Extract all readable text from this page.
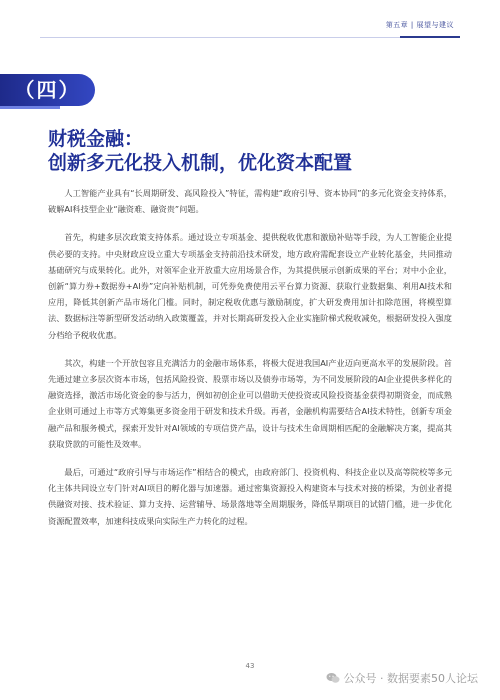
第五章 | 展望与建议
（四）
财税金融：
创新多元化投入机制，优化资本配置

人工智能产业具有“长周期研发、高风险投入”特征，需构建“政府引导、资本协同”的多元化资金支持体系，破解AI科技型企业“融资难、融资贵”问题。

首先，构建多层次政策支持体系。通过设立专项基金、提供税收优惠和激励补贴等手段，为人工智能企业提供必要的支持。中央财政应设立重大专项基金支持前沿技术研发，地方政府需配套设立产业转化基金，共同推动基础研究与成果转化。此外，对领军企业开放重大应用场景合作，为其提供展示创新成果的平台；对中小企业，创新“算力券+数据券+AI券”定向补贴机制，可凭券免费使用云平台算力资源、获取行业数据集、利用AI技术和应用，降低其创新产品市场化门槛。同时，制定税收优惠与激励制度，扩大研发费用加计扣除范围，将模型算法、数据标注等新型研发活动纳入政策覆盖，并对长期高研发投入企业实施阶梯式税收减免，根据研发投入强度分档给予税收优惠。

其次，构建一个开放包容且充满活力的金融市场体系，将极大促进我国AI产业迈向更高水平的发展阶段。首先通过建立多层次资本市场，包括风险投资、股票市场以及债券市场等，为不同发展阶段的AI企业提供多样化的融资选择，激活市场化资金的参与活力，例如初创企业可以借助天使投资或风险投资基金获得初期资金，而成熟企业则可通过上市等方式筹集更多资金用于研发和技术升级。再者，金融机构需要结合AI技术特性，创新专项金融产品和服务模式，探索开发针对AI领域的专项信贷产品，设计与技术生命周期相匹配的金融解决方案，提高其获取贷款的可能性及效率。

最后，可通过“政府引导与市场运作”相结合的模式，由政府部门、投资机构、科技企业以及高等院校等多元化主体共同设立专门针对AI项目的孵化器与加速器。通过密集资源投入构建资本与技术对接的桥梁，为创业者提供融资对接、技术验证、算力支持、运营辅导、场景落地等全周期服务，降低早期项目的试错门槛，进一步优化资源配置效率，加速科技成果向实际生产力转化的过程。

43
公众号 · 数据要素50人论坛
